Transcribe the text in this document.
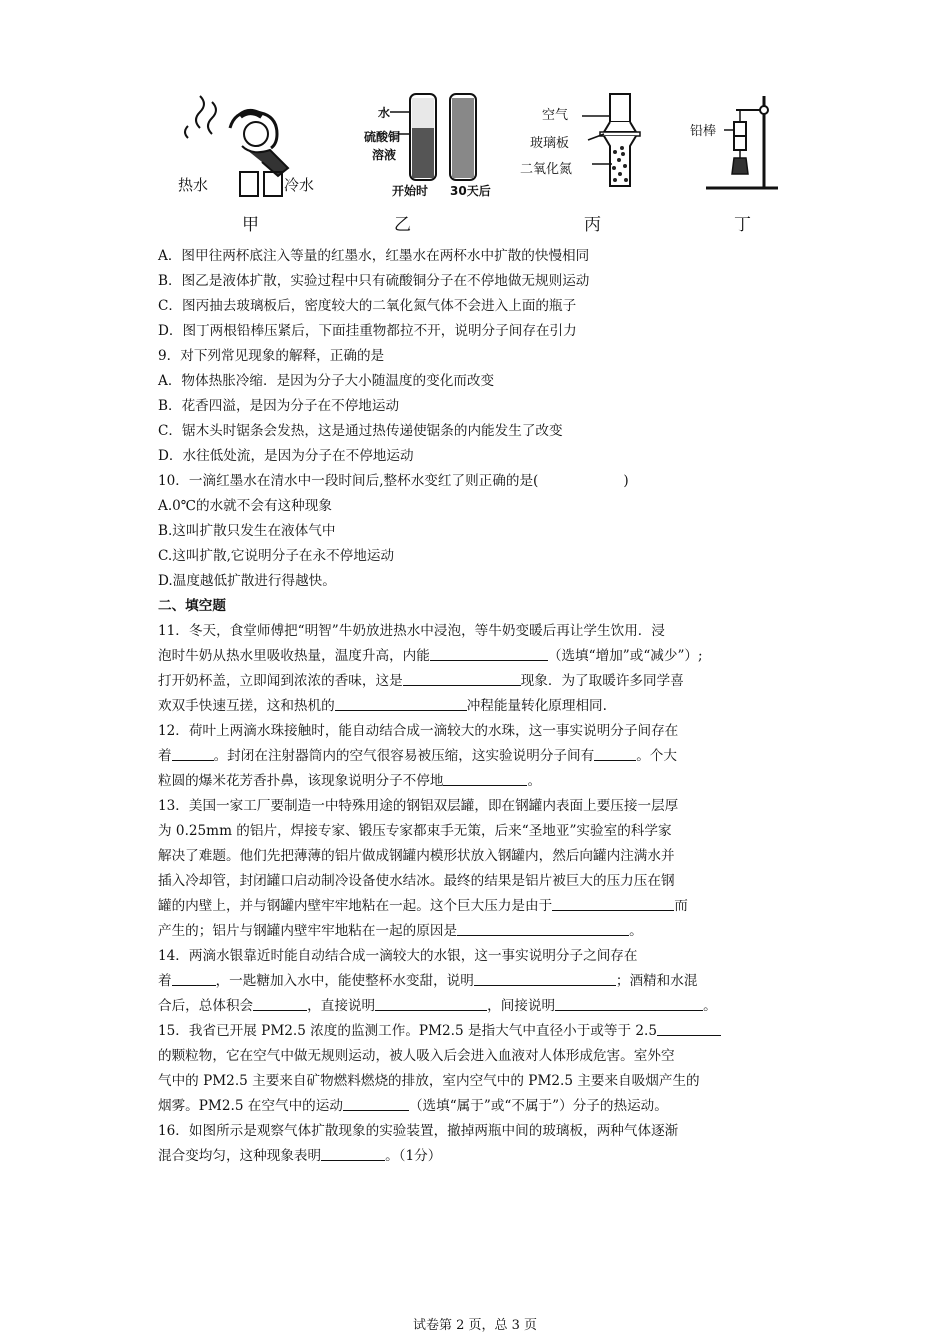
热水	冷水
甲
水
硫酸铜
溶液
开始时 30天后
乙
空气
玻璃板
二氧化氮
丙
铅棒
丁
A．图甲往两杯底注入等量的红墨水，红墨水在两杯水中扩散的快慢相同
B．图乙是液体扩散，实验过程中只有硫酸铜分子在不停地做无规则运动
C．图丙抽去玻璃板后，密度较大的二氧化氮气体不会进入上面的瓶子
D．图丁两根铅棒压紧后，下面挂重物都拉不开，说明分子间存在引力
9．对下列常见现象的解释，正确的是
A．物体热胀冷缩．是因为分子大小随温度的变化而改变
B．花香四溢，是因为分子在不停地运动
C．锯木头时锯条会发热，这是通过热传递使锯条的内能发生了改变
D．水往低处流，是因为分子在不停地运动
10．一滴红墨水在清水中一段时间后,整杯水变红了则正确的是(	)
A.0℃的水就不会有这种现象
B.这叫扩散只发生在液体气中
C.这叫扩散,它说明分子在永不停地运动
D.温度越低扩散进行得越快。
二、填空题
11．冬天，食堂师傅把“明智”牛奶放进热水中浸泡，等牛奶变暖后再让学生饮用．浸
泡时牛奶从热水里吸收热量，温度升高，内能	（选填“增加”或“减少”）;
打开奶杯盖，立即闻到浓浓的香味，这是	现象．为了取暖许多同学喜
欢双手快速互搓，这和热机的	冲程能量转化原理相同.
12．荷叶上两滴水珠接触时，能自动结合成一滴较大的水珠，这一事实说明分子间存在
着	。封闭在注射器筒内的空气很容易被压缩，这实验说明分子间有	。个大
粒圆的爆米花芳香扑鼻，该现象说明分子不停地	。
13．美国一家工厂要制造一中特殊用途的钢铝双层罐，即在钢罐内表面上要压接一层厚
为 0.25mm 的铝片，焊接专家、锻压专家都束手无策，后来“圣地亚”实验室的科学家
解决了难题。他们先把薄薄的铝片做成钢罐内模形状放入钢罐内，然后向罐内注满水并
插入冷却管，封闭罐口启动制冷设备使水结冰。最终的结果是铝片被巨大的压力压在钢
罐的内壁上，并与钢罐内壁牢牢地粘在一起。这个巨大压力是由于	而
产生的；铝片与钢罐内壁牢牢地粘在一起的原因是	。
14．两滴水银靠近时能自动结合成一滴较大的水银，这一事实说明分子之间存在
着	，一匙糖加入水中，能使整杯水变甜，说明	；酒精和水混
合后，总体积会	，直接说明	，间接说明	。
15．我省已开展 PM2.5 浓度的监测工作。PM2.5 是指大气中直径小于或等于 2.5
的颗粒物，它在空气中做无规则运动，被人吸入后会进入血液对人体形成危害。室外空
气中的 PM2.5 主要来自矿物燃料燃烧的排放，室内空气中的 PM2.5 主要来自吸烟产生的
烟雾。PM2.5 在空气中的运动	（选填“属于”或“不属于”）分子的热运动。
16．如图所示是观察气体扩散现象的实验装置，撤掉两瓶中间的玻璃板，两种气体逐渐
混合变均匀，这种现象表明	。（1分）
试卷第 2 页，总 3 页
